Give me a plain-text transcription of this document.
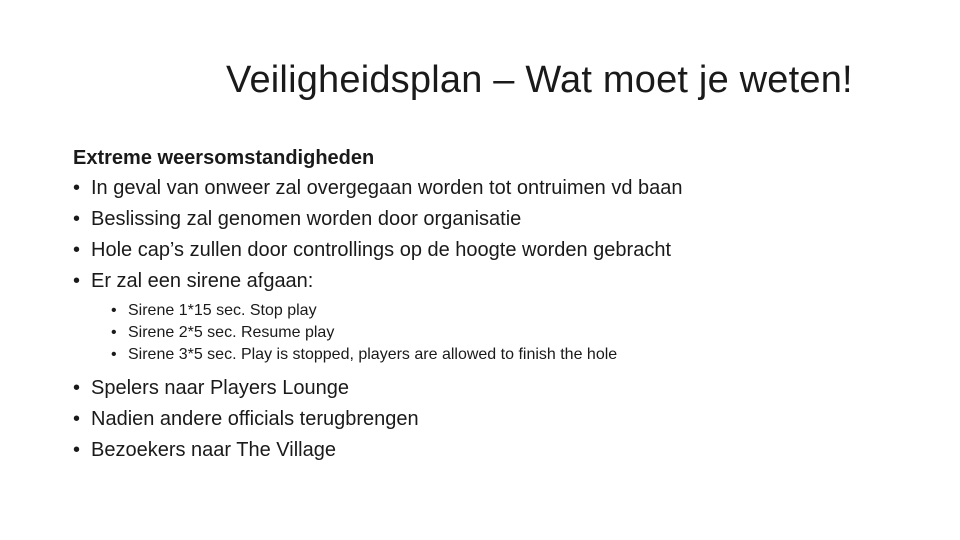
Veiligheidsplan – Wat moet je weten!
Extreme weersomstandigheden
• In geval van onweer zal overgegaan worden tot ontruimen vd baan
• Beslissing zal genomen worden door organisatie
• Hole cap’s zullen door controllings op de hoogte worden gebracht
• Er zal een sirene afgaan:
• Sirene 1*15 sec. Stop play
• Sirene 2*5 sec. Resume play
• Sirene 3*5 sec. Play is stopped, players are allowed to finish the hole
• Spelers naar Players Lounge
• Nadien andere officials terugbrengen
• Bezoekers naar The Village
